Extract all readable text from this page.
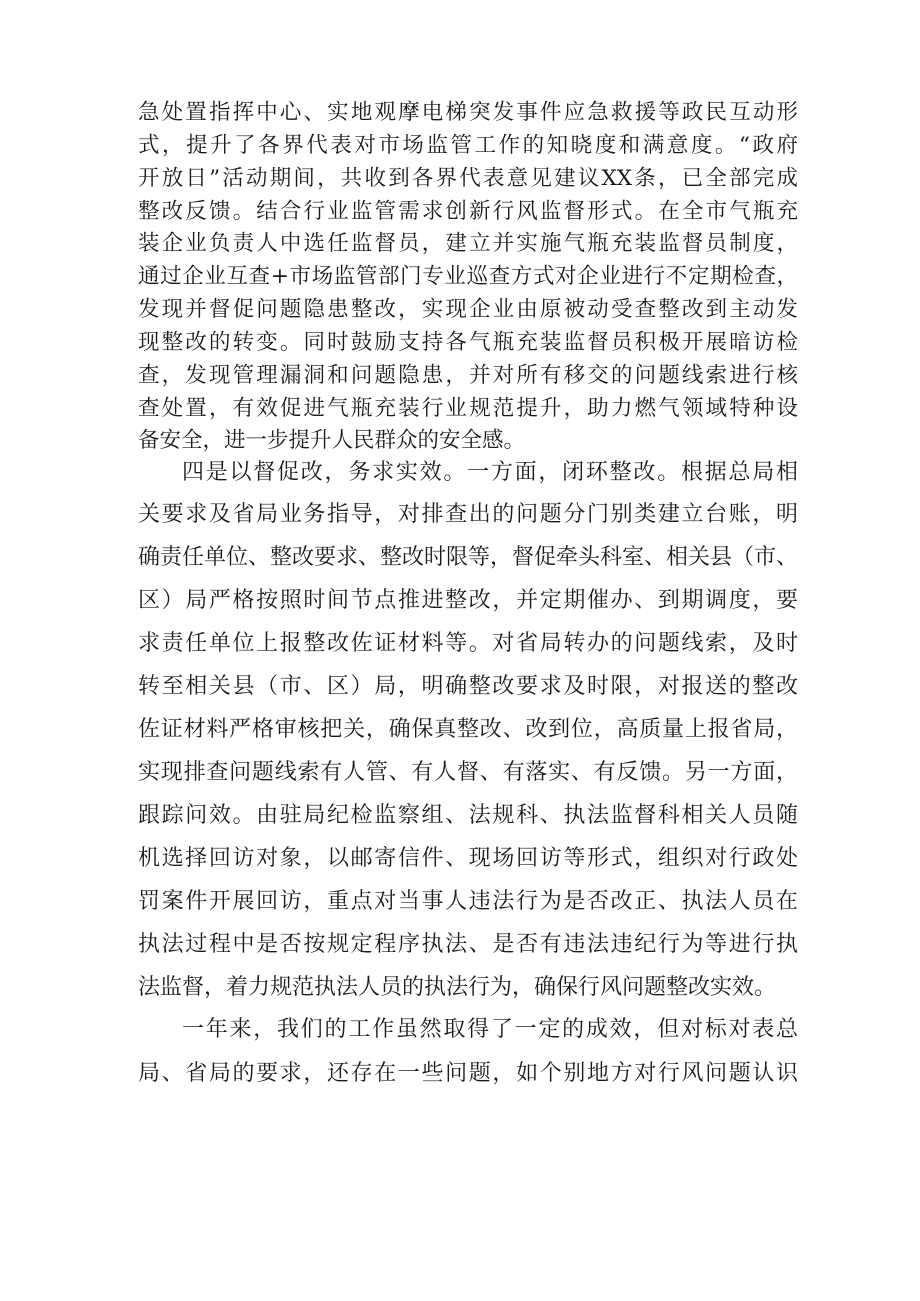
急处置指挥中心、实地观摩电梯突发事件应急救援等政民互动形
式，提升了各界代表对市场监管工作的知晓度和满意度。“政府
开放日”活动期间，共收到各界代表意见建议XX条，已全部完成
整改反馈。结合行业监管需求创新行风监督形式。在全市气瓶充
装企业负责人中选任监督员，建立并实施气瓶充装监督员制度，
通过企业互查+市场监管部门专业巡查方式对企业进行不定期检查，
发现并督促问题隐患整改，实现企业由原被动受查整改到主动发
现整改的转变。同时鼓励支持各气瓶充装监督员积极开展暗访检
查，发现管理漏洞和问题隐患，并对所有移交的问题线索进行核
查处置，有效促进气瓶充装行业规范提升，助力燃气领域特种设
备安全，进一步提升人民群众的安全感。
四是以督促改，务求实效。一方面，闭环整改。根据总局相
关要求及省局业务指导，对排查出的问题分门别类建立台账，明
确责任单位、整改要求、整改时限等，督促牵头科室、相关县（市、
区）局严格按照时间节点推进整改，并定期催办、到期调度，要
求责任单位上报整改佐证材料等。对省局转办的问题线索，及时
转至相关县（市、区）局，明确整改要求及时限，对报送的整改
佐证材料严格审核把关，确保真整改、改到位，高质量上报省局，
实现排查问题线索有人管、有人督、有落实、有反馈。另一方面，
跟踪问效。由驻局纪检监察组、法规科、执法监督科相关人员随
机选择回访对象，以邮寄信件、现场回访等形式，组织对行政处
罚案件开展回访，重点对当事人违法行为是否改正、执法人员在
执法过程中是否按规定程序执法、是否有违法违纪行为等进行执
法监督，着力规范执法人员的执法行为，确保行风问题整改实效。
一年来，我们的工作虽然取得了一定的成效，但对标对表总
局、省局的要求，还存在一些问题，如个别地方对行风问题认识
